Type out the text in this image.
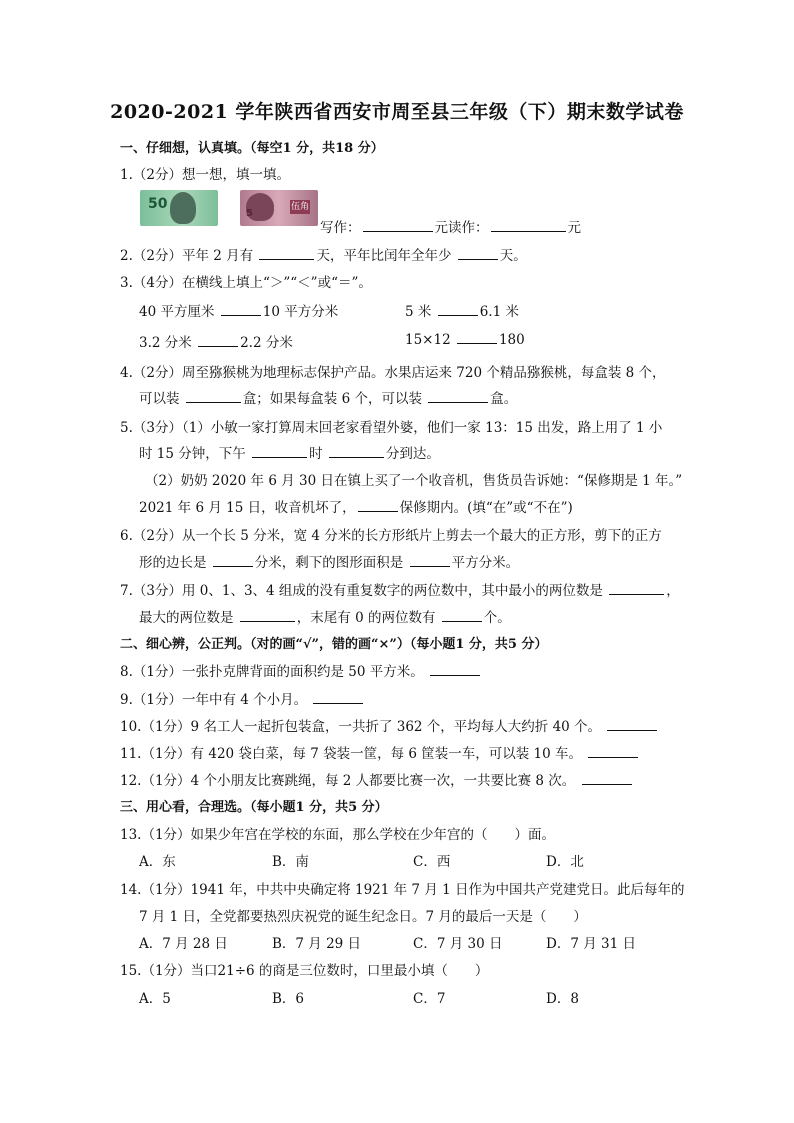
2020-2021 学年陕西省西安市周至县三年级（下）期末数学试卷
一、仔细想，认真填。（每空1 分，共18 分）
1.（2分）想一想，填一填。
50
5
伍角
写作：	元读作：	元
2.（2分）平年 2 月有	天，平年比闰年全年少	天。
3.（4分）在横线上填上“＞”“＜”或“＝”。
40 平方厘米	10 平方分米	5 米	6.1 米
3.2 分米	2.2 分米	15×12	180
4.（2分）周至猕猴桃为地理标志保护产品。水果店运来 720 个精品猕猴桃，每盒装 8 个，
可以装	盒；如果每盒装 6 个，可以装	盒。
5.（3分）（1）小敏一家打算周末回老家看望外婆，他们一家 13：15 出发，路上用了 1 小
时 15 分钟，下午	时	分到达。
（2）奶奶 2020 年 6 月 30 日在镇上买了一个收音机，售货员告诉她：“保修期是 1 年。”
2021 年 6 月 15 日，收音机坏了，	保修期内。(填“在”或“不在”)
6.（2分）从一个长 5 分米，宽 4 分米的长方形纸片上剪去一个最大的正方形，剪下的正方
形的边长是	分米，剩下的图形面积是	平方分米。
7.（3分）用 0、1、3、4 组成的没有重复数字的两位数中，其中最小的两位数是	，
最大的两位数是	，末尾有 0 的两位数有	个。
二、细心辨，公正判。（对的画“√”，错的画“×”）（每小题1 分，共5 分）
8.（1分）一张扑克牌背面的面积约是 50 平方米。
9.（1分）一年中有 4 个小月。
10.（1分）9 名工人一起折包装盒，一共折了 362 个，平均每人大约折 40 个。
11.（1分）有 420 袋白菜，每 7 袋装一筐，每 6 筐装一车，可以装 10 车。
12.（1分）4 个小朋友比赛跳绳，每 2 人都要比赛一次，一共要比赛 8 次。
三、用心看，合理选。（每小题1 分，共5 分）
13.（1分）如果少年宫在学校的东面，那么学校在少年宫的（　　）面。
A．东	B．南	C．西	D．北
14.（1分）1941 年，中共中央确定将 1921 年 7 月 1 日作为中国共产党建党日。此后每年的
7 月 1 日，全党都要热烈庆祝党的诞生纪念日。7 月的最后一天是（　　）
A．7 月 28 日	B．7 月 29 日	C．7 月 30 日	D．7 月 31 日
15.（1分）当口21÷6 的商是三位数时，口里最小填（　　）
A．5	B．6	C．7	D．8
